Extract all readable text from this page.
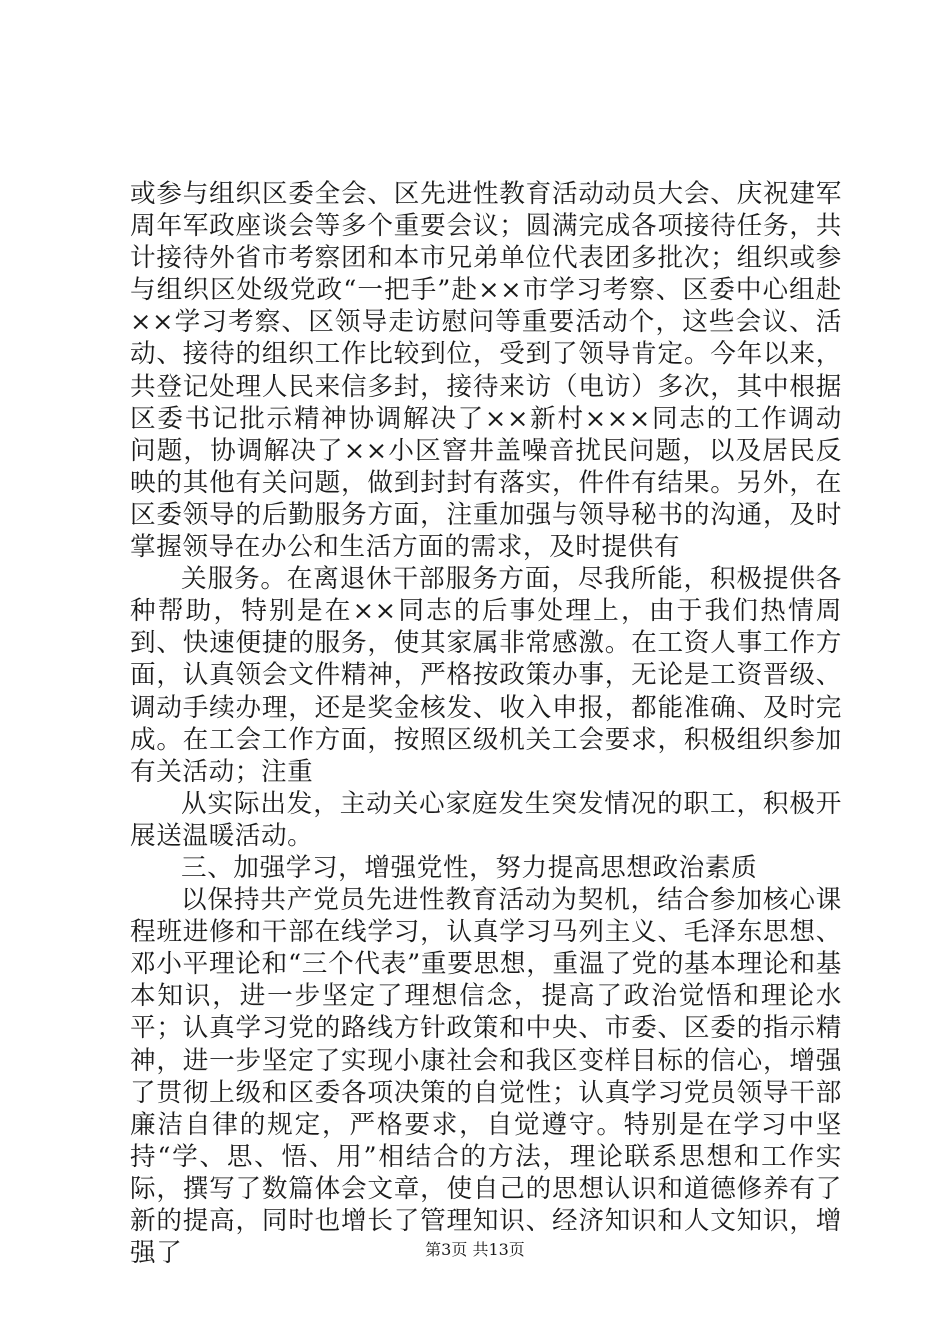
或参与组织区委全会、区先进性教育活动动员大会、庆祝建军周年军政座谈会等多个重要会议；圆满完成各项接待任务，共计接待外省市考察团和本市兄弟单位代表团多批次；组织或参与组织区处级党政“一把手”赴××市学习考察、区委中心组赴××学习考察、区领导走访慰问等重要活动个，这些会议、活动、接待的组织工作比较到位，受到了领导肯定。今年以来，共登记处理人民来信多封，接待来访（电访）多次，其中根据区委书记批示精神协调解决了××新村×××同志的工作调动问题，协调解决了××小区窨井盖噪音扰民问题，以及居民反映的其他有关问题，做到封封有落实，件件有结果。另外，在区委领导的后勤服务方面，注重加强与领导秘书的沟通，及时掌握领导在办公和生活方面的需求，及时提供有

关服务。在离退休干部服务方面，尽我所能，积极提供各种帮助，特别是在××同志的后事处理上，由于我们热情周到、快速便捷的服务，使其家属非常感激。在工资人事工作方面，认真领会文件精神，严格按政策办事，无论是工资晋级、调动手续办理，还是奖金核发、收入申报，都能准确、及时完成。在工会工作方面，按照区级机关工会要求，积极组织参加有关活动；注重

从实际出发，主动关心家庭发生突发情况的职工，积极开展送温暖活动。

三、加强学习，增强党性，努力提高思想政治素质

以保持共产党员先进性教育活动为契机，结合参加核心课程班进修和干部在线学习，认真学习马列主义、毛泽东思想、邓小平理论和“三个代表”重要思想，重温了党的基本理论和基本知识，进一步坚定了理想信念，提高了政治觉悟和理论水平；认真学习党的路线方针政策和中央、市委、区委的指示精神，进一步坚定了实现小康社会和我区变样目标的信心，增强了贯彻上级和区委各项决策的自觉性；认真学习党员领导干部廉洁自律的规定，严格要求，自觉遵守。特别是在学习中坚持“学、思、悟、用”相结合的方法，理论联系思想和工作实际，撰写了数篇体会文章，使自己的思想认识和道德修养有了新的提高，同时也增长了管理知识、经济知识和人文知识，增强了	第3页 共13页
